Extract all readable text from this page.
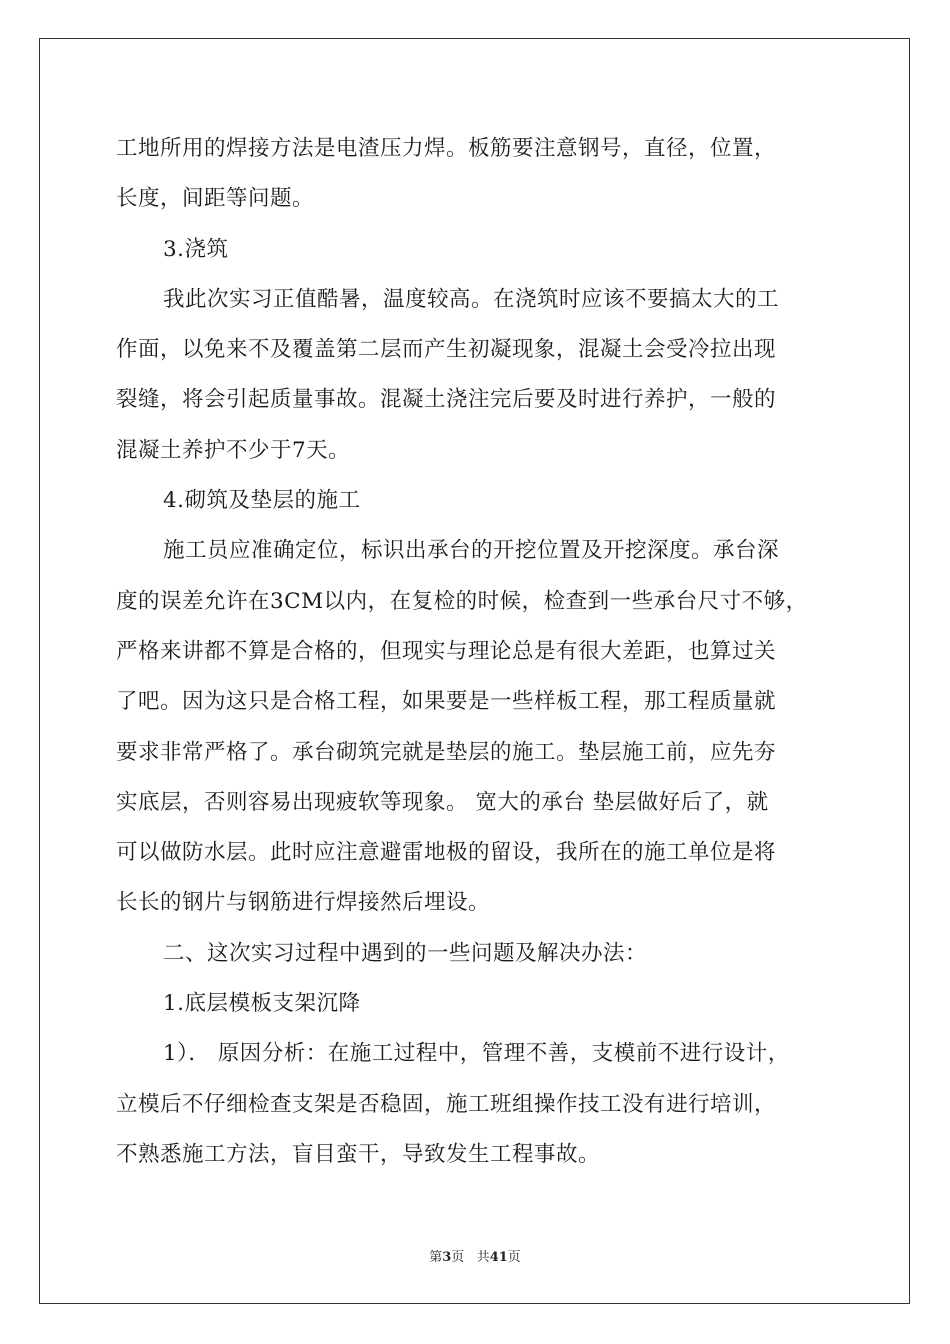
工地所用的焊接方法是电渣压力焊。板筋要注意钢号，直径，位置，
长度，间距等问题。
3.浇筑
我此次实习正值酷暑，温度较高。在浇筑时应该不要搞太大的工
作面，以免来不及覆盖第二层而产生初凝现象，混凝土会受冷拉出现
裂缝，将会引起质量事故。混凝土浇注完后要及时进行养护，一般的
混凝土养护不少于7天。
4.砌筑及垫层的施工
施工员应准确定位，标识出承台的开挖位置及开挖深度。承台深
度的误差允许在3CM以内，在复检的时候，检查到一些承台尺寸不够，
严格来讲都不算是合格的，但现实与理论总是有很大差距，也算过关
了吧。因为这只是合格工程，如果要是一些样板工程，那工程质量就
要求非常严格了。承台砌筑完就是垫层的施工。垫层施工前，应先夯
实底层，否则容易出现疲软等现象。 宽大的承台 垫层做好后了，就
可以做防水层。此时应注意避雷地极的留设，我所在的施工单位是将
长长的钢片与钢筋进行焊接然后埋设。
二、这次实习过程中遇到的一些问题及解决办法：
1.底层模板支架沉降
1）． 原因分析：在施工过程中，管理不善，支模前不进行设计，
立模后不仔细检查支架是否稳固，施工班组操作技工没有进行培训，
不熟悉施工方法，盲目蛮干，导致发生工程事故。
第3页 共41页
